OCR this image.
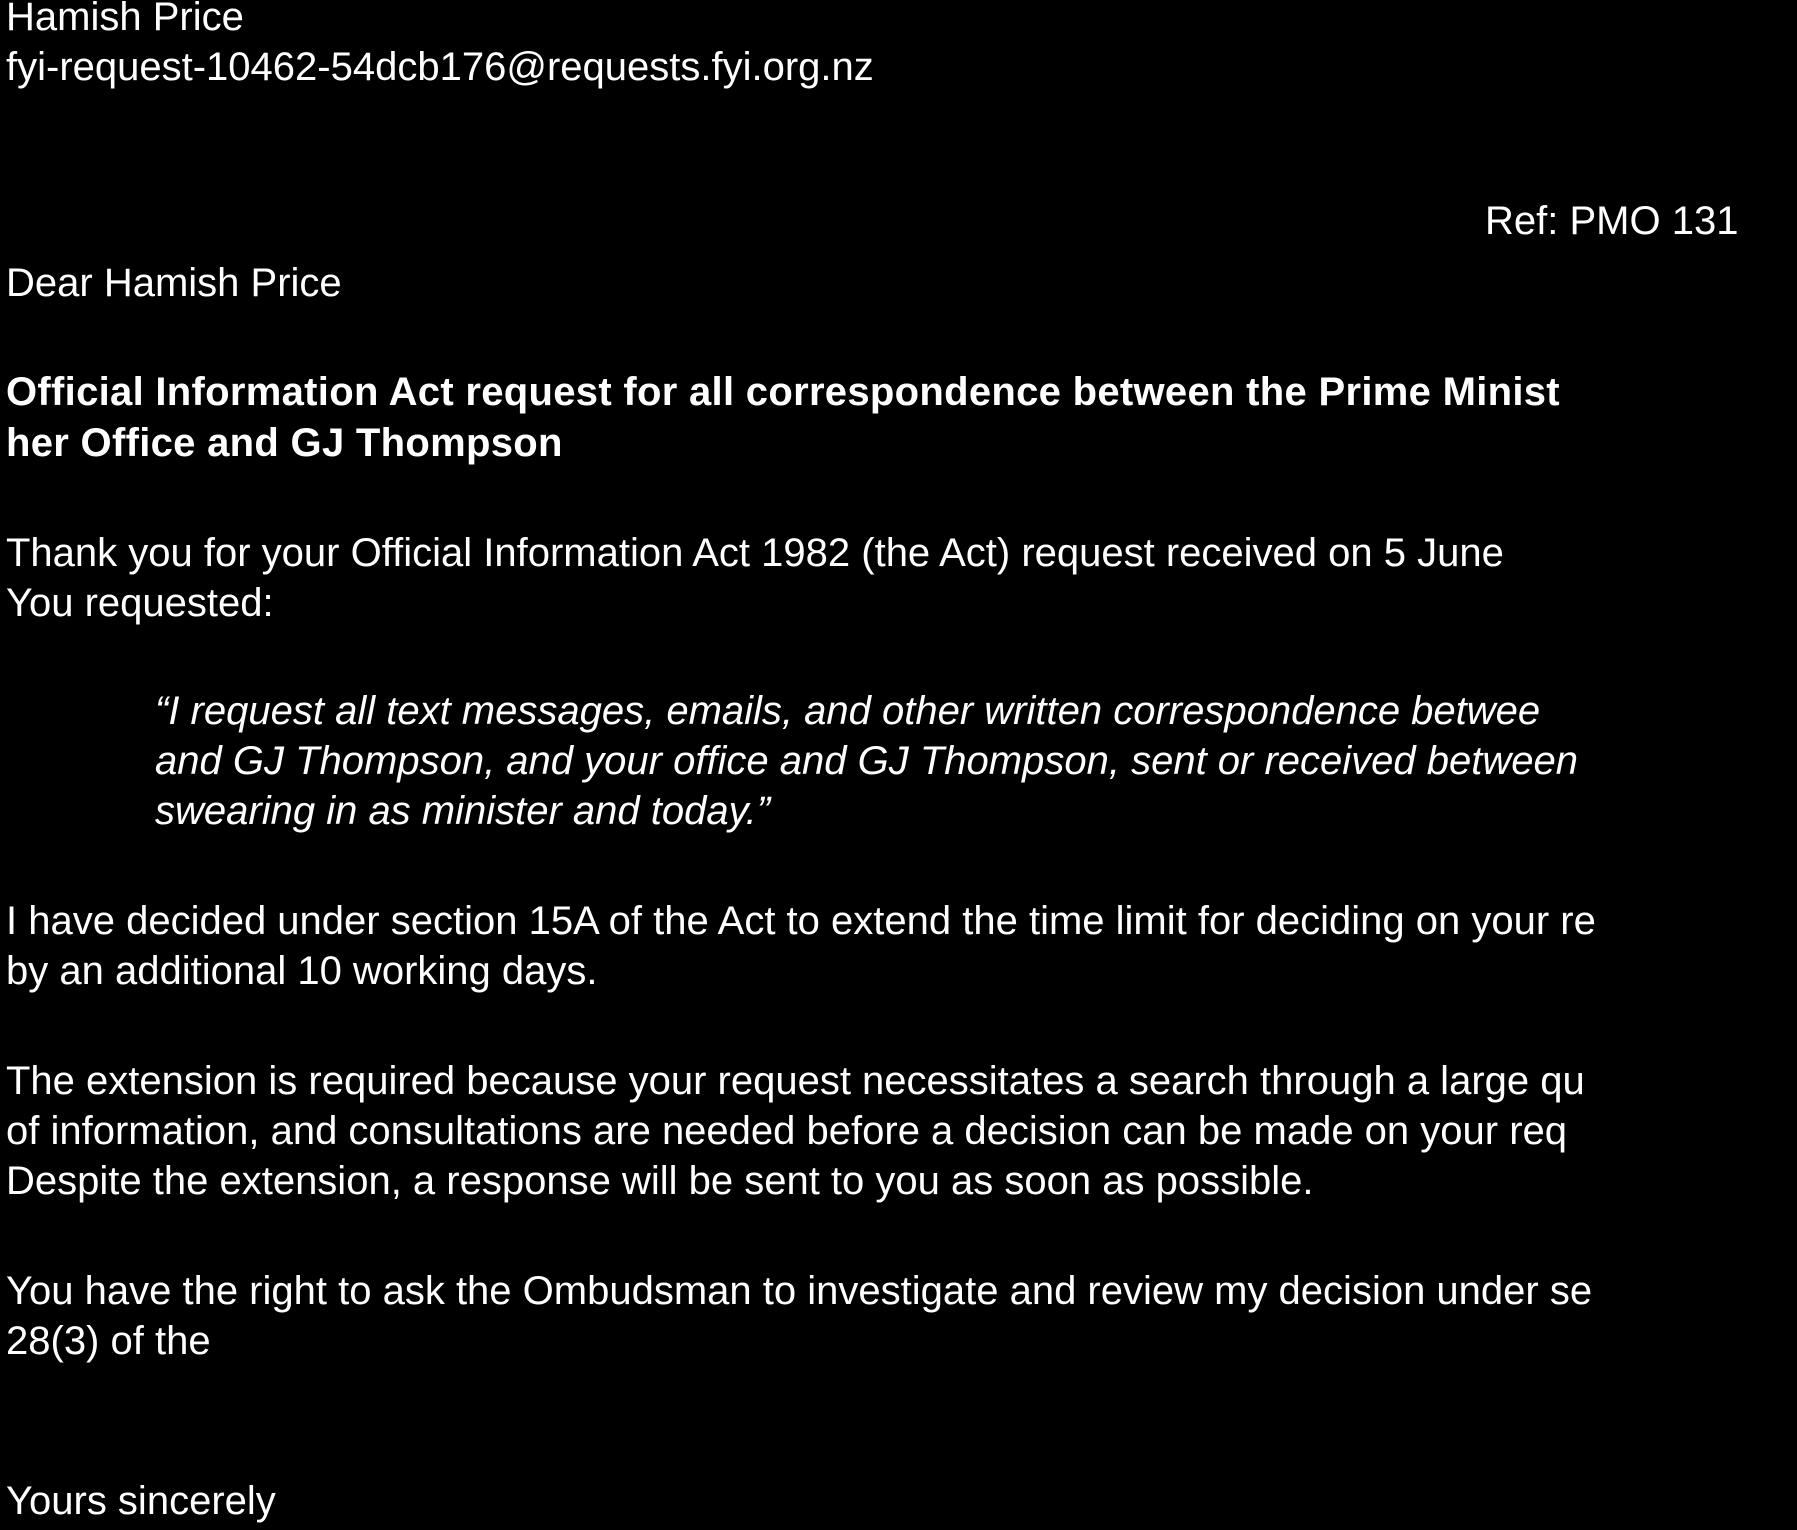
Hamish Price

fyi-request-10462-54dcb176@requests.fyi.org.nz

Ref: PMO 131

Dear Hamish Price

Official Information Act request for all correspondence between the Prime Minist

her Office and GJ Thompson

Thank you for your Official Information Act 1982 (the Act) request received on 5 June

You requested:

“I request all text messages, emails, and other written correspondence betwee

and GJ Thompson, and your office and GJ Thompson, sent or received between

swearing in as minister and today.”

I have decided under section 15A of the Act to extend the time limit for deciding on your re

by an additional 10 working days.

The extension is required because your request necessitates a search through a large qu

of information, and consultations are needed before a decision can be made on your req

Despite the extension, a response will be sent to you as soon as possible.

You have the right to ask the Ombudsman to investigate and review my decision under se

28(3) of the

Yours sincerely
